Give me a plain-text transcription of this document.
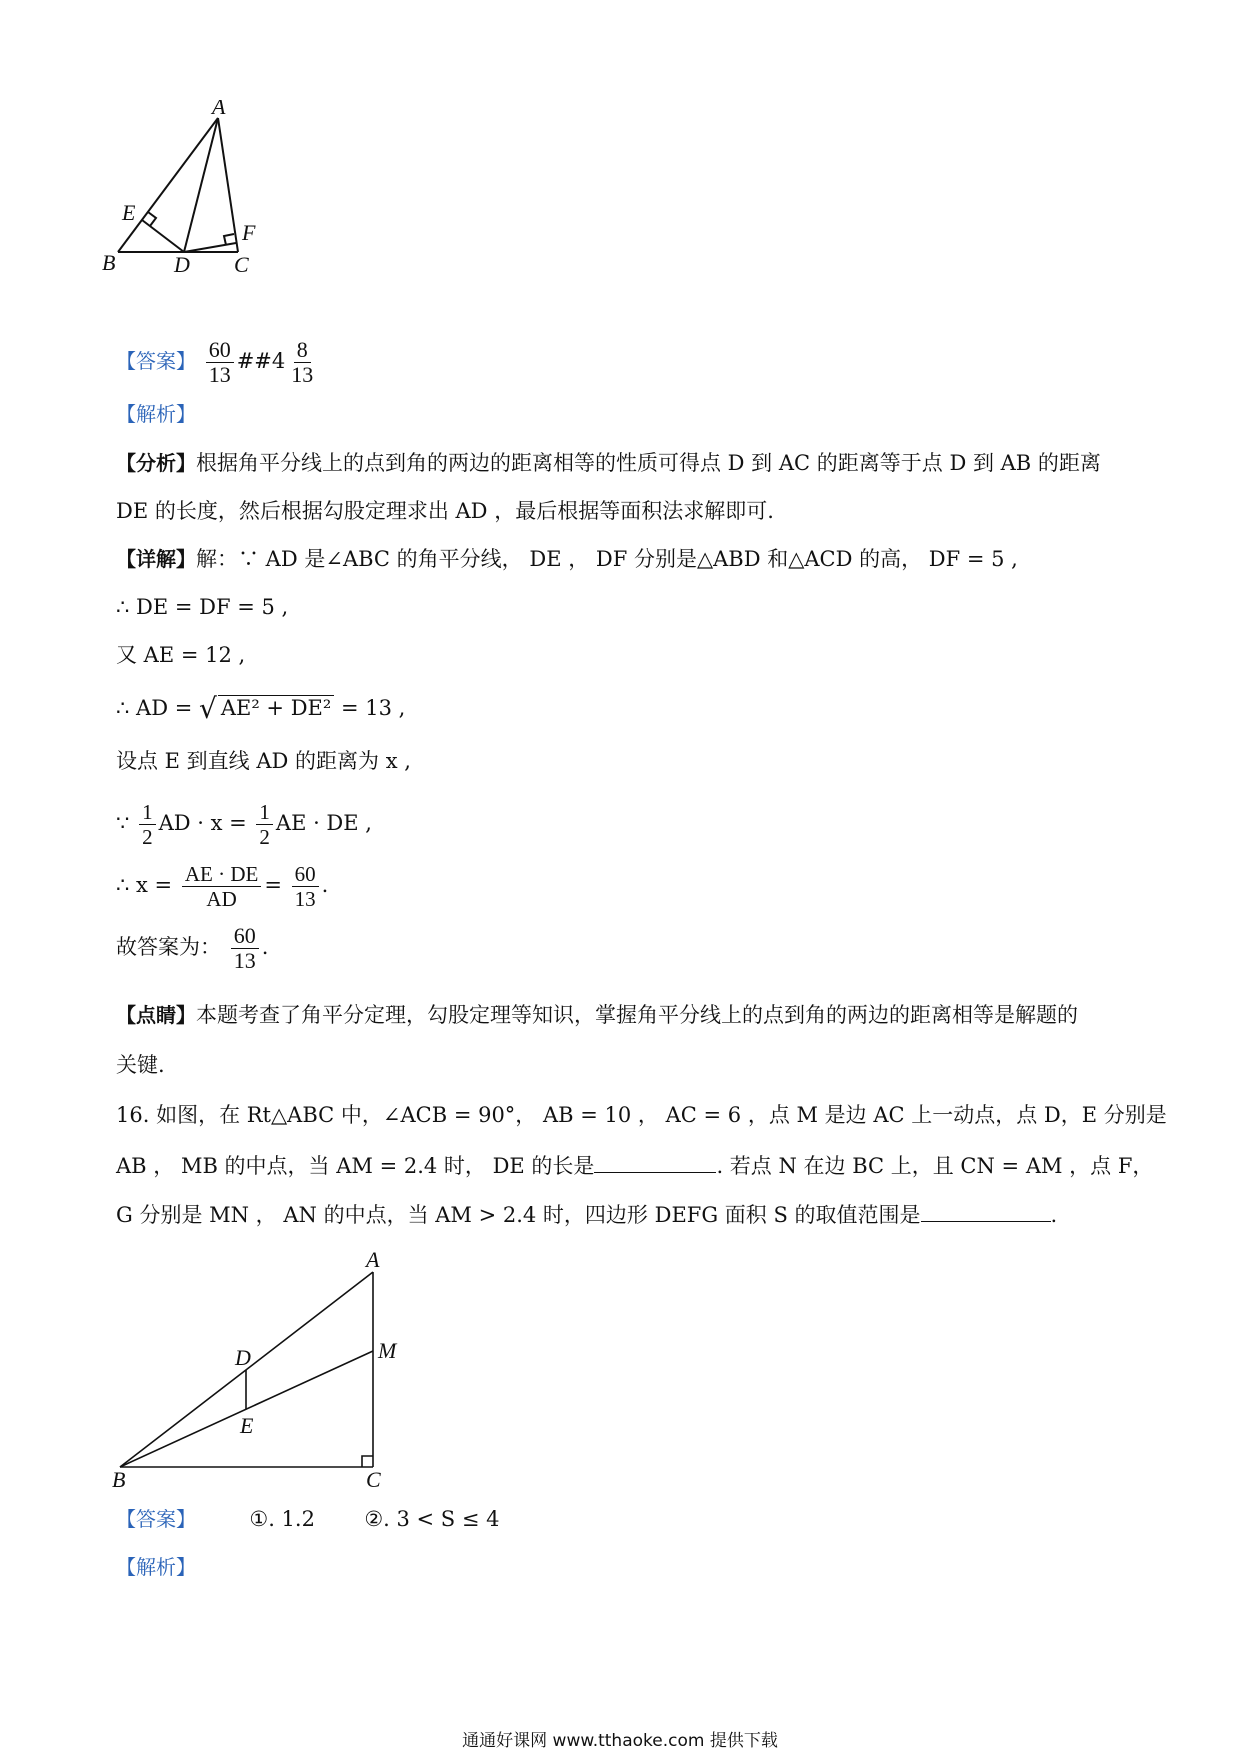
A
E
F
B	D C
【答案】 $\frac{60}{13}$ ##4 $\frac{8}{13}$
【解析】
【分析】根据角平分线上的点到角的两边的距离相等的性质可得点 D 到 AC 的距离等于点 D 到 AB 的距离
DE 的长度，然后根据勾股定理求出 AD ，最后根据等面积法求解即可.
【详解】解：∵ AD 是∠ABC 的角平分线， DE ， DF 分别是△ABD 和△ACD 的高， DF = 5 ,
∴ DE = DF = 5 ,
又 AE = 12 ,
∴ AD = √ AE² + DE² = 13 ,
设点 E 到直线 AD 的距离为 x ,
∵ $\frac{1}{2}$ AD · $x = \frac{1}{2}$ AE · DE ,
∴ $x = \frac{AE \cdot DE}{AD} = \frac{60}{13}$ .
故答案为： $\frac{60}{13}$ .
【点睛】本题考查了角平分定理，勾股定理等知识，掌握角平分线上的点到角的两边的距离相等是解题的
关键.
16. 如图，在 Rt△ABC 中，∠ACB = 90°， AB = 10 ， AC = 6 ，点 M 是边 AC 上一动点，点 D，E 分别是
AB ， MB 的中点，当 AM = 2.4 时， DE 的长是	. 若点 N 在边 BC 上，且 CN = AM ，点 F，
G 分别是 MN ， AN 的中点，当 AM > 2.4 时，四边形 DEFG 面积 S 的取值范围是	.
A
M
D
E
B	C
【答案】	①. 1.2 ②. 3 < S ≤ 4
【解析】
通通好课网 www.tthaoke.com 提供下载
